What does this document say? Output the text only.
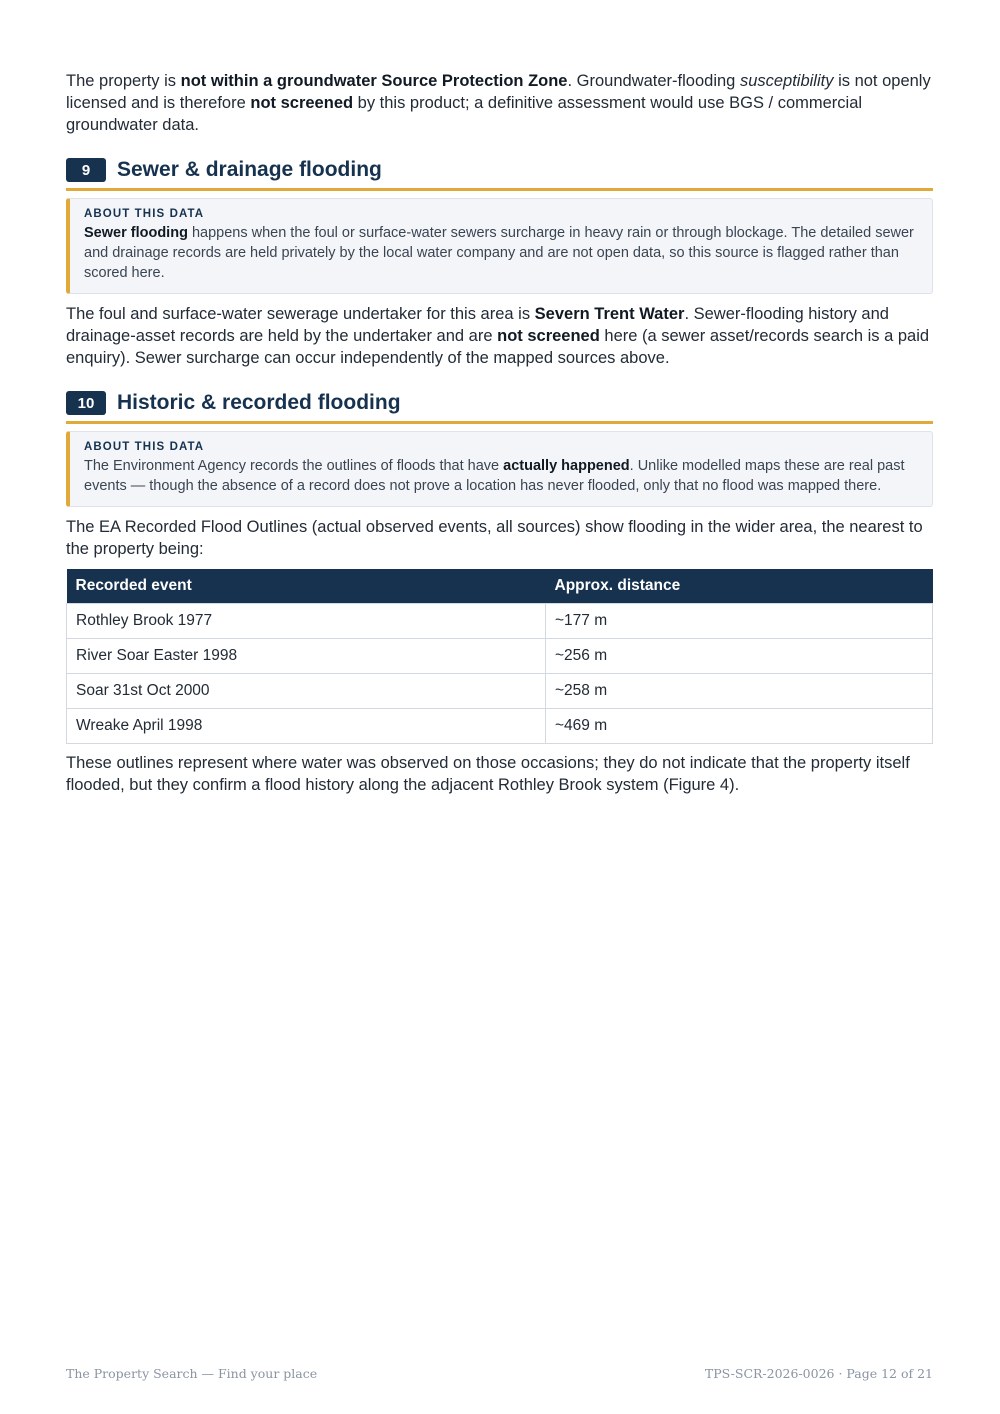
The property is not within a groundwater Source Protection Zone. Groundwater-flooding susceptibility is not openly licensed and is therefore not screened by this product; a definitive assessment would use BGS / commercial groundwater data.

9	Sewer & drainage flooding
ABOUT THIS DATA

Sewer flooding happens when the foul or surface-water sewers surcharge in heavy rain or through blockage. The detailed sewer and drainage records are held privately by the local water company and are not open data, so this source is flagged rather than scored here.

The foul and surface-water sewerage undertaker for this area is Severn Trent Water. Sewer-flooding history and drainage-asset records are held by the undertaker and are not screened here (a sewer asset/records search is a paid enquiry). Sewer surcharge can occur independently of the mapped sources above.

10	Historic & recorded flooding
ABOUT THIS DATA

The Environment Agency records the outlines of floods that have actually happened. Unlike modelled maps these are real past events — though the absence of a record does not prove a location has never flooded, only that no flood was mapped there.

The EA Recorded Flood Outlines (actual observed events, all sources) show flooding in the wider area, the nearest to the property being:

Recorded event	Approx. distance
Rothley Brook 1977	~177 m
River Soar Easter 1998	~256 m
Soar 31st Oct 2000	~258 m
Wreake April 1998	~469 m

These outlines represent where water was observed on those occasions; they do not indicate that the property itself flooded, but they confirm a flood history along the adjacent Rothley Brook system (Figure 4).

The Property Search — Find your place	TPS-SCR-2026-0026 · Page 12 of 21
